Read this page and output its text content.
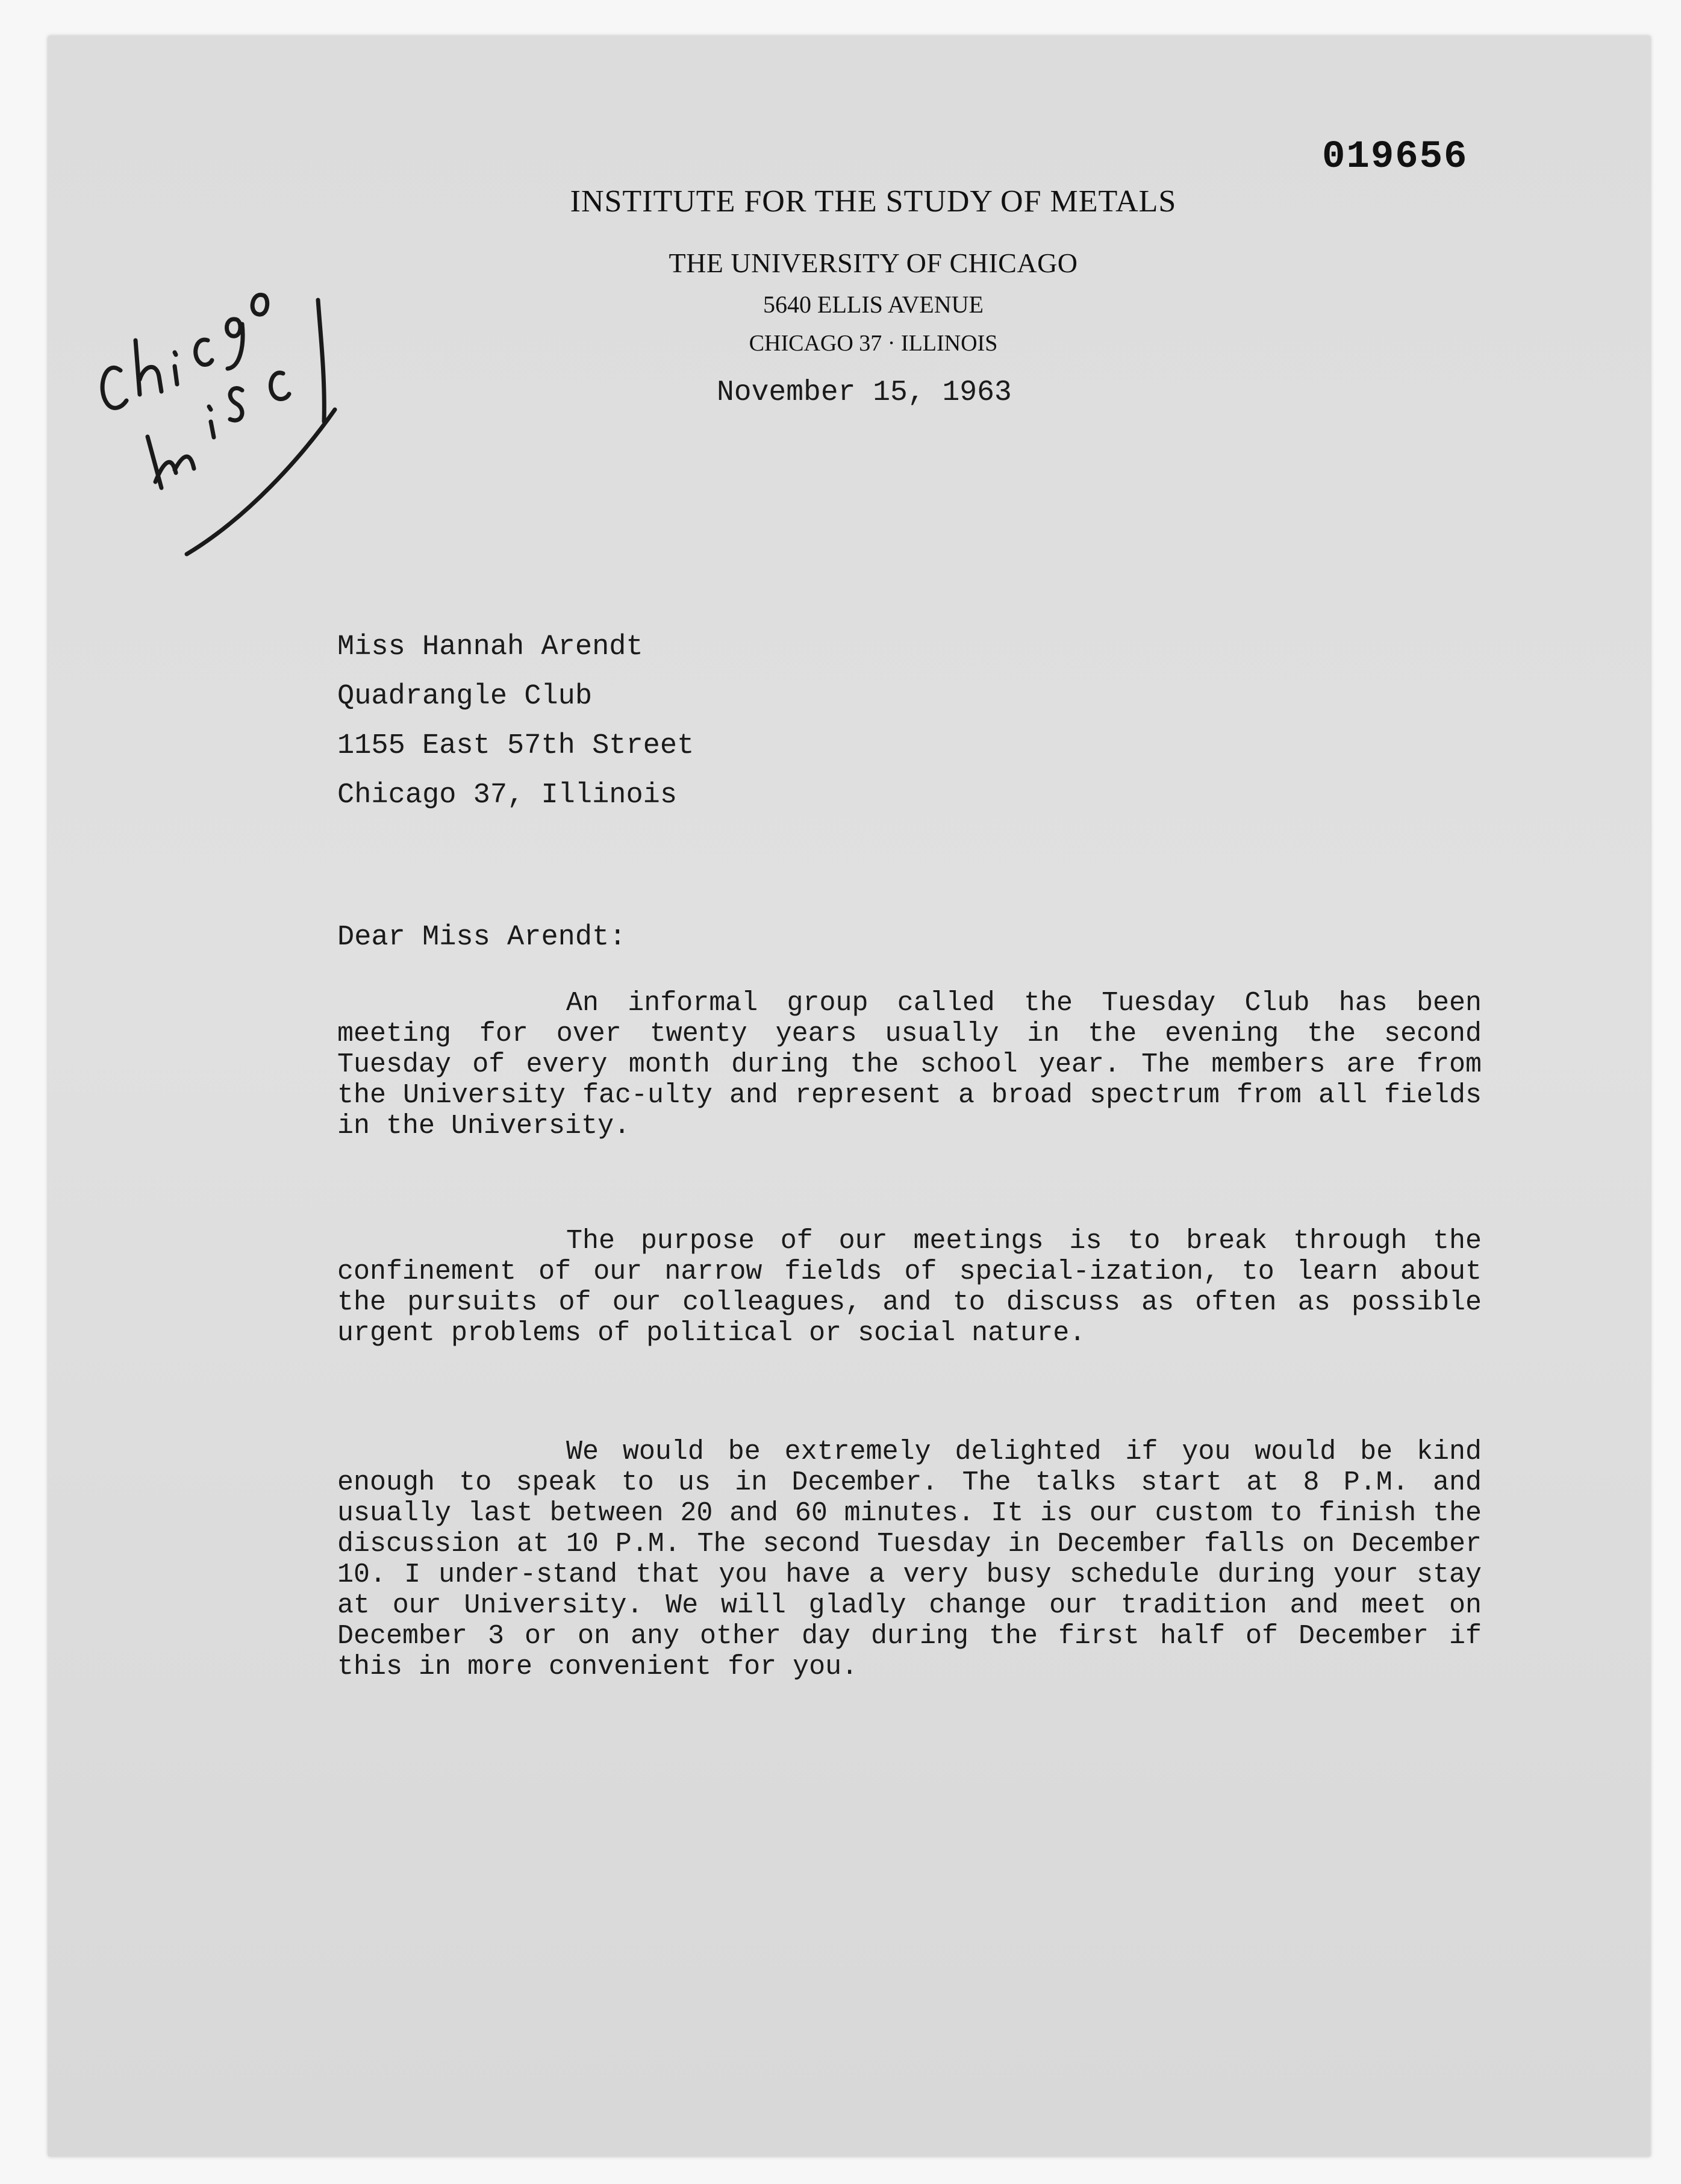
019656
INSTITUTE FOR THE STUDY OF METALS
THE UNIVERSITY OF CHICAGO
5640 ELLIS AVENUE
CHICAGO 37 · ILLINOIS
November 15, 1963
Miss Hannah Arendt
Quadrangle Club
1155 East 57th Street
Chicago 37, Illinois
Dear Miss Arendt:
An informal group called the Tuesday Club has been meeting for over twenty years usually in the evening the second Tuesday of every month during the school year. The members are from the University fac-ulty and represent a broad spectrum from all fields in the University.
The purpose of our meetings is to break through the confinement of our narrow fields of special-ization, to learn about the pursuits of our colleagues, and to discuss as often as possible urgent problems of political or social nature.
We would be extremely delighted if you would be kind enough to speak to us in December. The talks start at 8 P.M. and usually last between 20 and 60 minutes. It is our custom to finish the discussion at 10 P.M. The second Tuesday in December falls on December 10. I under-stand that you have a very busy schedule during your stay at our University. We will gladly change our tradition and meet on December 3 or on any other day during the first half of December if this in more convenient for you.
